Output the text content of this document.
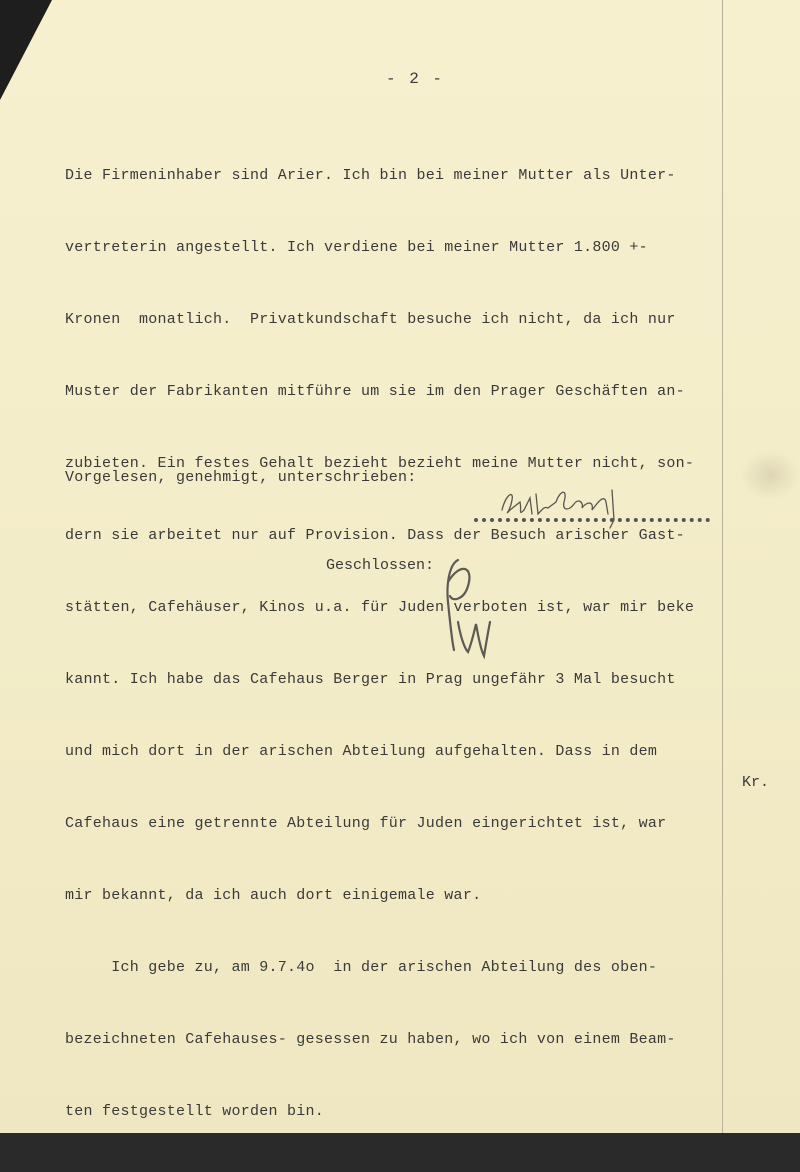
- 2 -

Die Firmeninhaber sind Arier. Ich bin bei meiner Mutter als Unter-

vertreterin angestellt. Ich verdiene bei meiner Mutter 1.800 +-

Kronen  monatlich.  Privatkundschaft besuche ich nicht, da ich nur

Muster der Fabrikanten mitführe um sie im den Prager Geschäften an-

zubieten. Ein festes Gehalt bezieht bezieht meine Mutter nicht, son-

dern sie arbeitet nur auf Provision. Dass der Besuch arischer Gast-

stätten, Cafehäuser, Kinos u.a. für Juden verboten ist, war mir beke

kannt. Ich habe das Cafehaus Berger in Prag ungefähr 3 Mal besucht

und mich dort in der arischen Abteilung aufgehalten. Dass in dem

Cafehaus eine getrennte Abteilung für Juden eingerichtet ist, war

mir bekannt, da ich auch dort einigemale war.

Ich gebe zu, am 9.7.4o  in der arischen Abteilung des oben-

bezeichneten Cafehauses- gesessen zu haben, wo ich von einem Beam-

ten festgestellt worden bin.

Vorgelesen, genehmigt, unterschrieben:
Geschlossen:
Kr.
